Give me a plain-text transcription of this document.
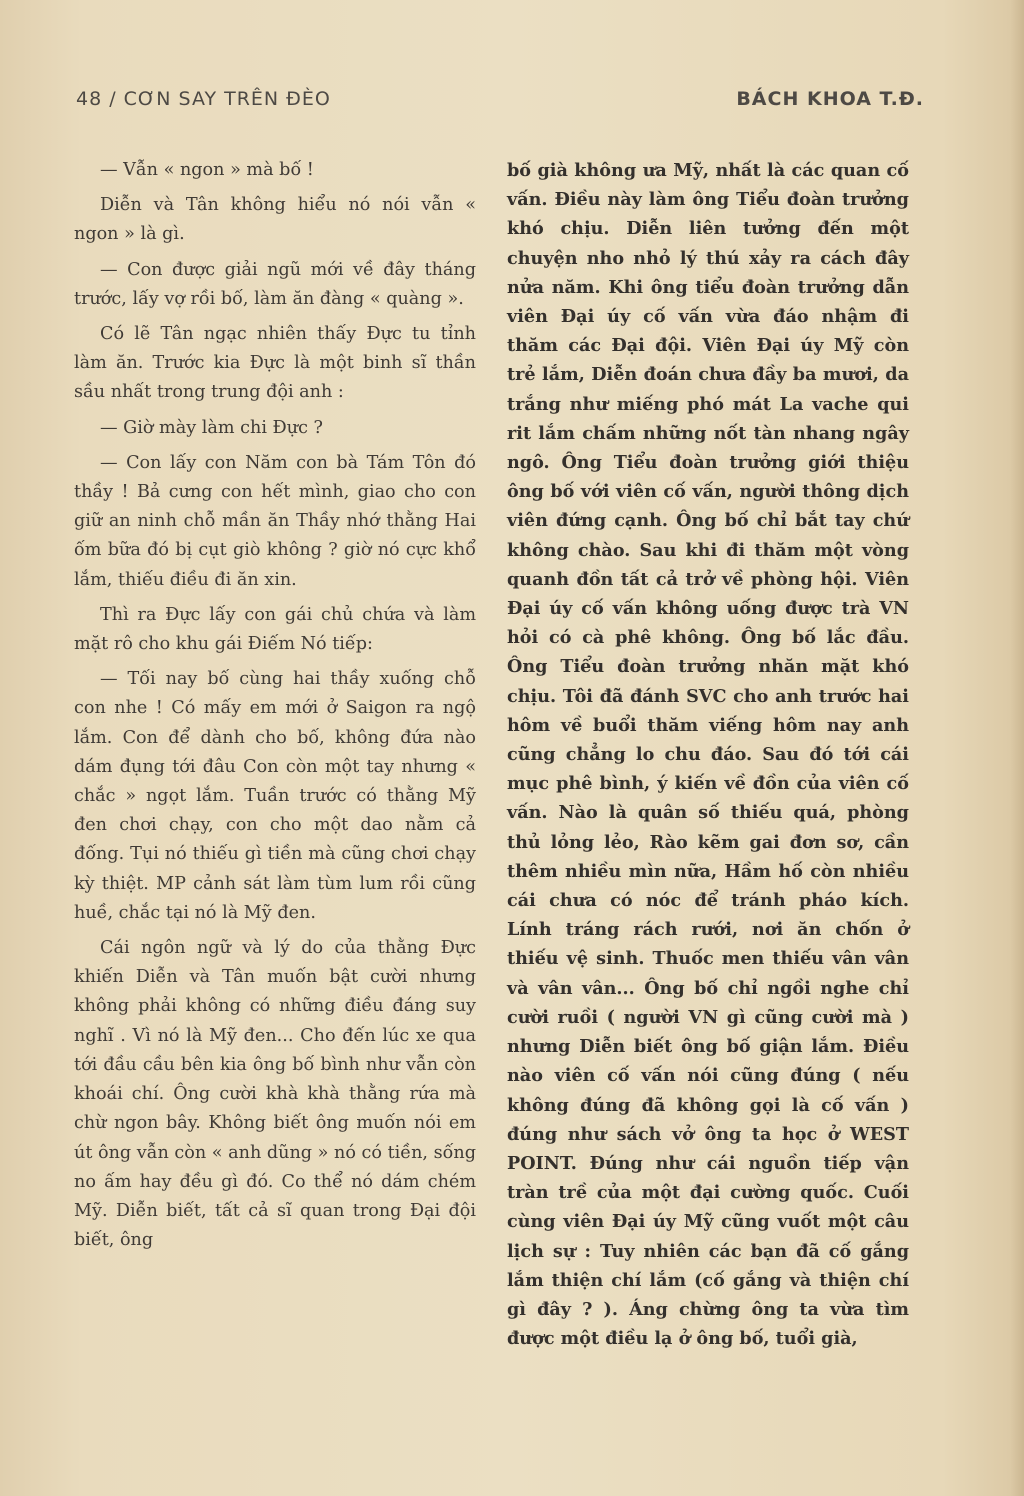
48 / CƠN SAY TRÊN ĐÈO	BÁCH KHOA T.Đ.

— Vẫn « ngon » mà bố !

Diễn và Tân không hiểu nó nói vẫn « ngon » là gì.

— Con được giải ngũ mới về đây tháng trước, lấy vợ rồi bố, làm ăn đàng « quàng ».

Có lẽ Tân ngạc nhiên thấy Đực tu tỉnh làm ăn. Trước kia Đực là một binh sĩ thần sầu nhất trong trung đội anh :

— Giờ mày làm chi Đực ?

— Con lấy con Năm con bà Tám Tôn đó thầy ! Bả cưng con hết mình, giao cho con giữ an ninh chỗ mần ăn Thầy nhớ thằng Hai ốm bữa đó bị cụt giò không ? giờ nó cực khổ lắm, thiếu điều đi ăn xin.

Thì ra Đực lấy con gái chủ chứa và làm mặt rô cho khu gái Điếm Nó tiếp:

— Tối nay bố cùng hai thầy xuống chỗ con nhe ! Có mấy em mới ở Saigon ra ngộ lắm. Con để dành cho bố, không đứa nào dám đụng tới đâu Con còn một tay nhưng « chắc » ngọt lắm. Tuần trước có thằng Mỹ đen chơi chạy, con cho một dao nằm cả đống. Tụi nó thiếu gì tiền mà cũng chơi chạy kỳ thiệt. MP cảnh sát làm tùm lum rồi cũng huề, chắc tại nó là Mỹ đen.

Cái ngôn ngữ và lý do của thằng Đực khiến Diễn và Tân muốn bật cười nhưng không phải không có những điều đáng suy nghĩ . Vì nó là Mỹ đen... Cho đến lúc xe qua tới đầu cầu bên kia ông bố bình như vẫn còn khoái chí. Ông cười khà khà thằng rứa mà chừ ngon bây. Không biết ông muốn nói em út ông vẫn còn « anh dũng » nó có tiền, sống no ấm hay đều gì đó. Co thể nó dám chém Mỹ. Diễn biết, tất cả sĩ quan trong Đại đội biết, ông

bố già không ưa Mỹ, nhất là các quan cố vấn. Điều này làm ông Tiểu đoàn trưởng khó chịu. Diễn liên tưởng đến một chuyện nho nhỏ lý thú xảy ra cách đây nửa năm. Khi ông tiểu đoàn trưởng dẫn viên Đại úy cố vấn vừa đáo nhậm đi thăm các Đại đội. Viên Đại úy Mỹ còn trẻ lắm, Diễn đoán chưa đầy ba mươi, da trắng như miếng phó mát La vache qui rit lắm chấm những nốt tàn nhang ngây ngô. Ông Tiểu đoàn trưởng giới thiệu ông bố với viên cố vấn, người thông dịch viên đứng cạnh. Ông bố chỉ bắt tay chứ không chào. Sau khi đi thăm một vòng quanh đồn tất cả trở về phòng hội. Viên Đại úy cố vấn không uống được trà VN hỏi có cà phê không. Ông bố lắc đầu. Ông Tiểu đoàn trưởng nhăn mặt khó chịu. Tôi đã đánh SVC cho anh trước hai hôm về buổi thăm viếng hôm nay anh cũng chẳng lo chu đáo. Sau đó tới cái mục phê bình, ý kiến về đồn của viên cố vấn. Nào là quân số thiếu quá, phòng thủ lỏng lẻo, Rào kẽm gai đơn sơ, cần thêm nhiều mìn nữa, Hầm hố còn nhiều cái chưa có nóc để tránh pháo kích. Lính tráng rách rưới, nơi ăn chốn ở thiếu vệ sinh. Thuốc men thiếu vân vân và vân vân... Ông bố chỉ ngồi nghe chỉ cười ruồi ( người VN gì cũng cười mà ) nhưng Diễn biết ông bố giận lắm. Điều nào viên cố vấn nói cũng đúng ( nếu không đúng đã không gọi là cố vấn ) đúng như sách vở ông ta học ở WEST POINT. Đúng như cái nguồn tiếp vận tràn trề của một đại cường quốc. Cuối cùng viên Đại úy Mỹ cũng vuốt một câu lịch sự : Tuy nhiên các bạn đã cố gắng lắm thiện chí lắm (cố gắng và thiện chí gì đây ? ). Áng chừng ông ta vừa tìm được một điều lạ ở ông bố, tuổi già,
